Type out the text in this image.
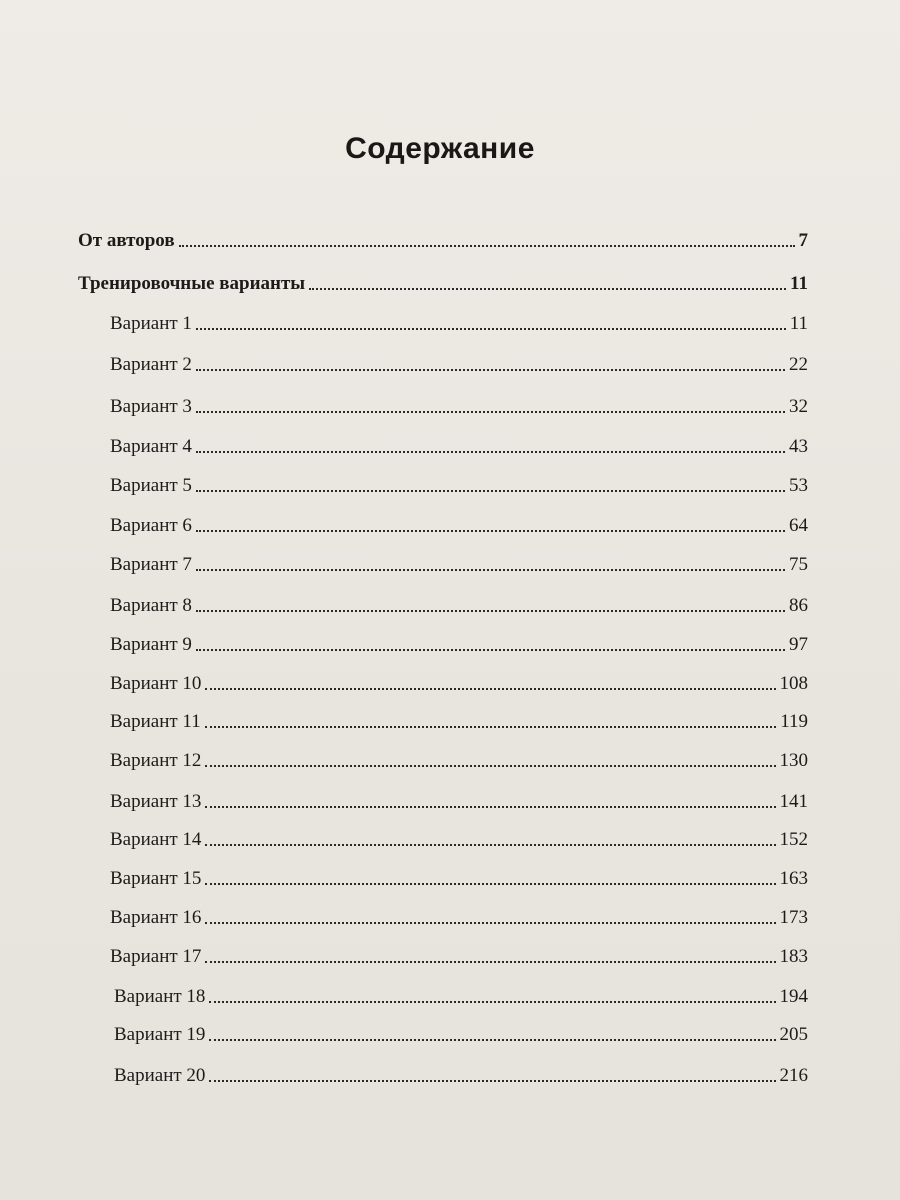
Содержание
От авторов	7
Тренировочные варианты	11
Вариант 1	11
Вариант 2	22
Вариант 3	32
Вариант 4	43
Вариант 5	53
Вариант 6	64
Вариант 7	75
Вариант 8	86
Вариант 9	97
Вариант 10	108
Вариант 11	119
Вариант 12	130
Вариант 13	141
Вариант 14	152
Вариант 15	163
Вариант 16	173
Вариант 17	183
Вариант 18	194
Вариант 19	205
Вариант 20	216
